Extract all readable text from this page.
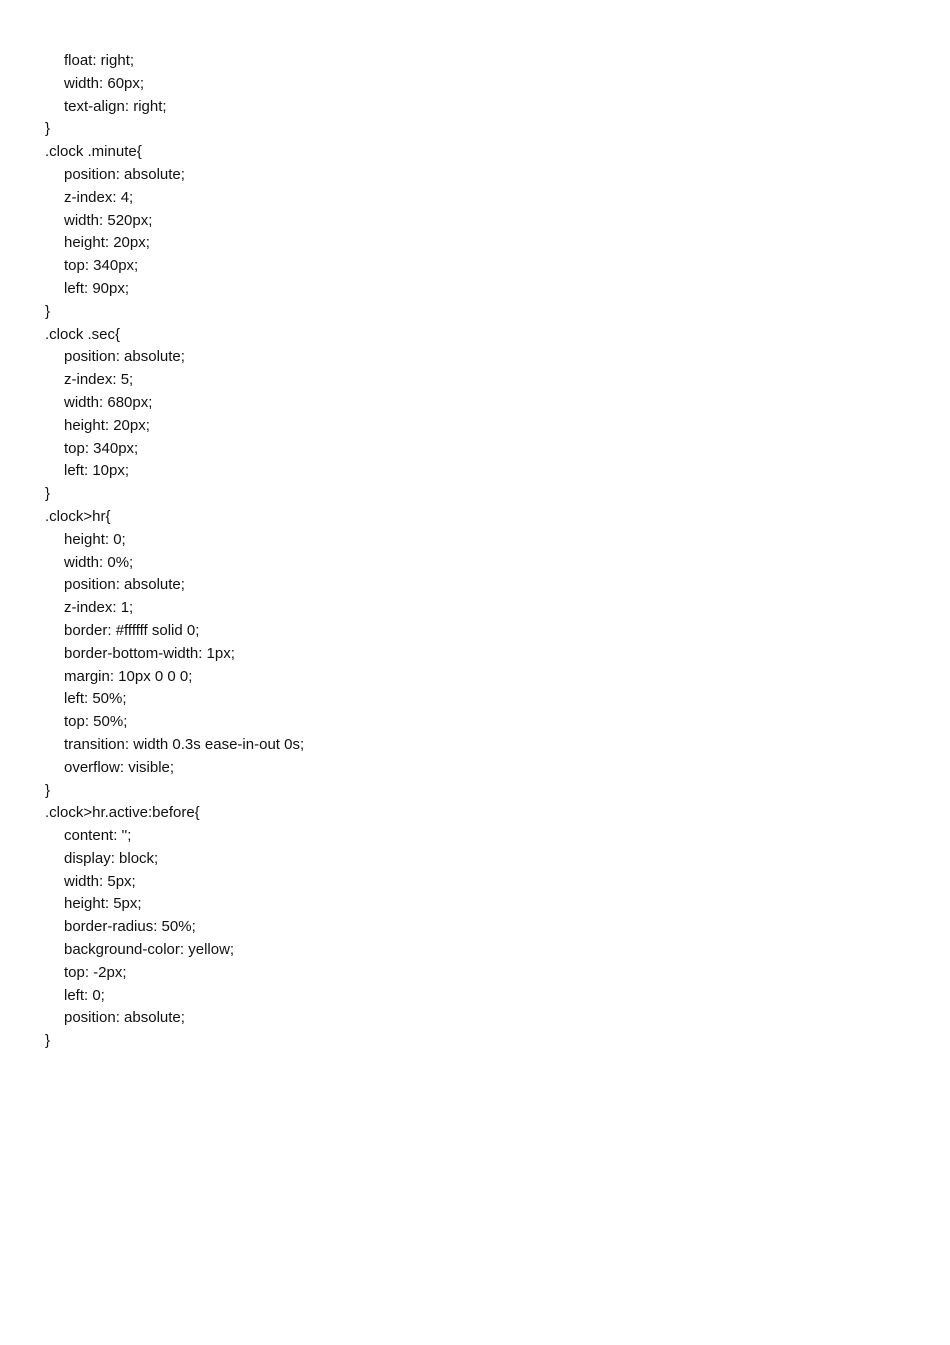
float: right;
width: 60px;
text-align: right;
}
.clock .minute{
position: absolute;
z-index: 4;
width: 520px;
height: 20px;
top: 340px;
left: 90px;
}
.clock .sec{
position: absolute;
z-index: 5;
width: 680px;
height: 20px;
top: 340px;
left: 10px;
}
.clock>hr{
height: 0;
width: 0%;
position: absolute;
z-index: 1;
border: #ffffff solid 0;
border-bottom-width: 1px;
margin: 10px 0 0 0;
left: 50%;
top: 50%;
transition: width 0.3s ease-in-out 0s;
overflow: visible;
}
.clock>hr.active:before{
content: '';
display: block;
width: 5px;
height: 5px;
border-radius: 50%;
background-color: yellow;
top: -2px;
left: 0;
position: absolute;
}
